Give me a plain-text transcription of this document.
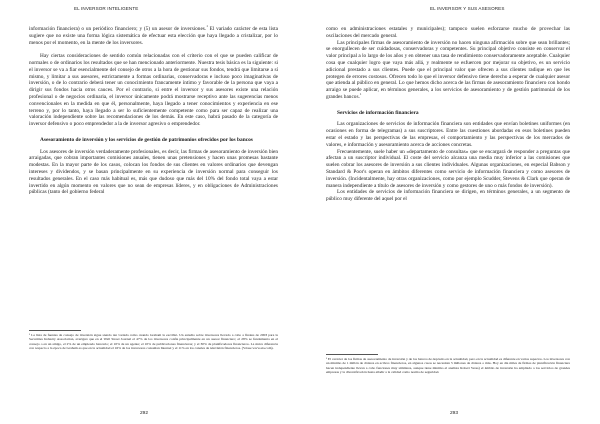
EL INVERSOR INTELIGENTE

información financiera) o un periódico financiero; y (5) un asesor de inversiones.$^1$ El variado carácter de esta lista sugiere que no existe una forma lógica sistemática de efectuar esta elección que haya llegado a cristalizar, por lo menos por el momento, en la mente de los inversores.

Hay ciertas consideraciones de sentido común relacionadas con el criterio con el que se pueden calificar de normales o de ordinarios los resultados que se han mencionado anteriormente. Nuestra tesis básica es la siguiente: si el inversor se va a fiar esencialmente del consejo de otros a la hora de gestionar sus fondos, tendrá que limitarse a sí mismo, y limitar a sus asesores, estrictamente a formas ordinarias, conservadoras e incluso poco imaginativas de inversión, o de lo contrario deberá tener un conocimiento francamente íntimo y favorable de la persona que vaya a dirigir sus fondos hacia otros cauces. Por el contrario, si entre el inversor y sus asesores existe una relación profesional o de negocios ordinaria, el inversor únicamente podrá mostrarse receptivo ante las sugerencias menos convencionales en la medida en que él, personalmente, haya llegado a tener conocimientos y experiencia en ese terreno y, por lo tanto, haya llegado a ser lo suficientemente competente como para ser capaz de realizar una valoración independiente sobre las recomendaciones de los demás. En este caso, habrá pasado de la categoría de inversor defensivo o poco emprendedor a la de inversor agresivo o emprendedor.

Asesoramiento de inversión y los servicios de gestión de patrimonios ofrecidos por los bancos

Los asesores de inversión verdaderamente profesionales, es decir, las firmas de asesoramiento de inversión bien arraigadas, que cobran importantes comisiones anuales, tienen unas pretensiones y hacen unas promesas bastante modestas. En la mayor parte de los casos, colocan los fondos de sus clientes en valores ordinarios que devengan intereses y dividendos, y se basan principalmente en su experiencia de inversión normal para conseguir los resultados generales. En el caso más habitual es, más que dudoso que más del 10% del fondo total vaya a estar invertido en algún momento en valores que no sean de empresas líderes, y en obligaciones de Administraciones públicas (tanto del gobierno federal

¹ La lista de fuentes de consejo de inversión sigue siendo tan variada como cuando Graham la escribió. Un estudio sobre inversores llevado a cabo a finales de 2003 para la Securities Industry Association, averiguó que en el Wall Street Journal el 47% de los inversores confía principalmente en un asesor financiero; el 28% se fundamenta en el consejo o en un amigo, el 2% de un empleado bancario; el 10% de un agente; el 10% de publicaciones financieras; y el 30% de planificadores financieros. La única diferencia con respecto a la época de Graham es que en la actualidad el 16% de los inversores consultan Internet y el 11% en los canales de televisión financieros. (Véase www.sia.com).
292
EL INVERSOR Y SUS ASESORES

como en administraciones estatales y municipales); tampoco suelen esforzarse mucho de provechar las oscilaciones del mercado general.

Las principales firmas de asesoramiento de inversión no hacen ninguna afirmación sobre que sean brillantes; se enorgullecen de ser cuidadosas, conservadoras y competentes. Su principal objetivo consiste en conservar el valor principal a lo largo de los años y en obtener una tasa de rendimiento conservadoramente aceptable. Cualquier cosa que cualquier logro que vaya más allá, y realmente se esfuercen por mejorar su objetivo, es un servicio adicional prestado a sus clientes. Puede que el principal valor que ofrecen a sus clientes radique en que les protegen de errores costosos. Ofrecen todo lo que el inversor defensivo tiene derecho a esperar de cualquier asesor que atienda al público en general. Lo que hemos dicho acerca de las firmas de asesoramiento financiero con hondo arraigo se puede aplicar, en términos generales, a los servicios de asesoramiento y de gestión patrimonial de los grandes bancos.$^1$

Servicios de información financiera

Las organizaciones de servicios de información financiera son entidades que envían boletines uniformes (en ocasiones en forma de telegramas) a sus suscriptores. Entre las cuestiones abordadas en esos boletines pueden estar el estado y las perspectivas de las empresas, el comportamiento y las perspectivas de los mercados de valores, e información y asesoramiento acerca de acciones concretas.

Frecuentemente, suele haber un «departamento de consultas» que se encargará de responder a preguntas que afectan a un suscriptor individual. El coste del servicio alcanza una media muy inferior a las comisiones que suelen cobrar los asesores de inversión a sus clientes individuales. Algunas organizaciones, en especial Babson y Standard & Poor's operan en ámbitos diferentes como servicio de información financiera y como asesores de inversión. (Incidentalmente, hay otras organizaciones, como por ejemplo Scudder, Stevens & Clark que operan de manera independiente a título de asesores de inversión y como gestores de uno o más fondos de inversión).

Los entidades de servicios de información financiera se dirigen, en términos generales, a un segmento de público muy diferente del aquel por el

¹ El carácter de los firmas de asesoramiento de inversión y de los bancos de depósito en la actualidad, pero en la actualidad es diferente en varios aspectos. Los inversores con un mínimo de 1 millón de dólares en activos financieros, en algunos casos se necesitan 5 millones de dólares o más. Hoy en día miles de firmas de planificación financiera hacen independiente llevan a cabo funciones muy similares, aunque tiene mínimo el analista Robert Veres) el ámbito de inversión ha ampliado a los servicios de grandes empresas y la diversificación hasta añadir a la calidad como norma de seguridad.
293
